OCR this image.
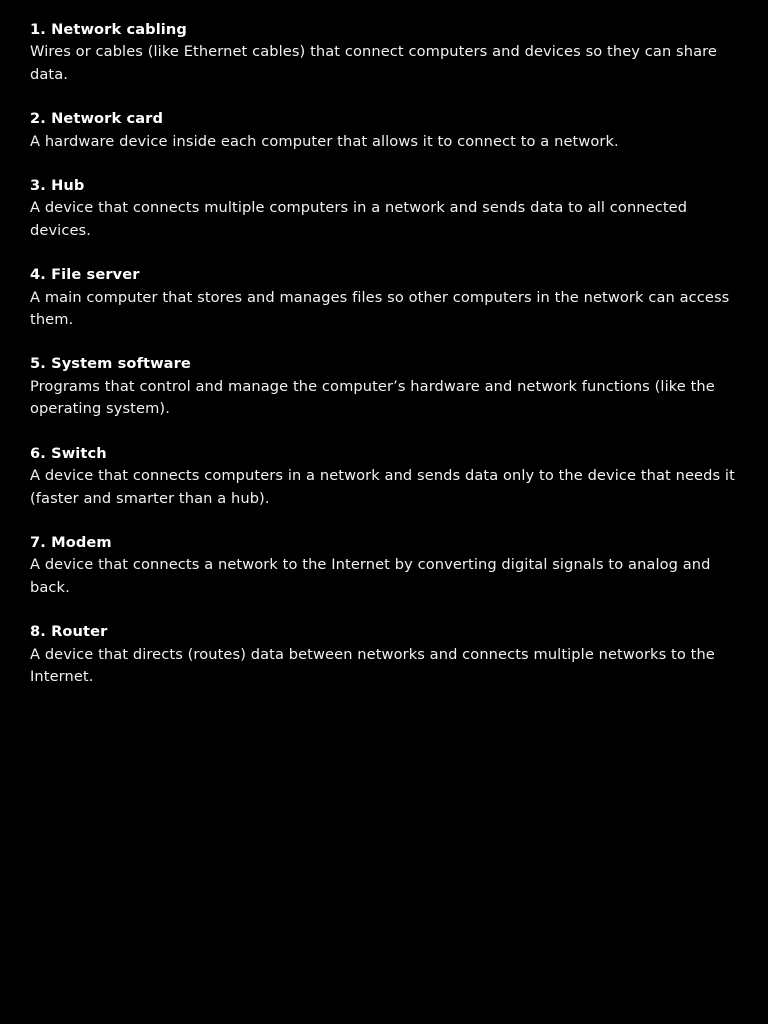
1. Network cabling
Wires or cables (like Ethernet cables) that connect computers and devices so they can share data.
2. Network card
A hardware device inside each computer that allows it to connect to a network.
3. Hub
A device that connects multiple computers in a network and sends data to all connected devices.
4. File server
A main computer that stores and manages files so other computers in the network can access them.
5. System software
Programs that control and manage the computer’s hardware and network functions (like the operating system).
6. Switch
A device that connects computers in a network and sends data only to the device that needs it (faster and smarter than a hub).
7. Modem
A device that connects a network to the Internet by converting digital signals to analog and back.
8. Router
A device that directs (routes) data between networks and connects multiple networks to the Internet.
